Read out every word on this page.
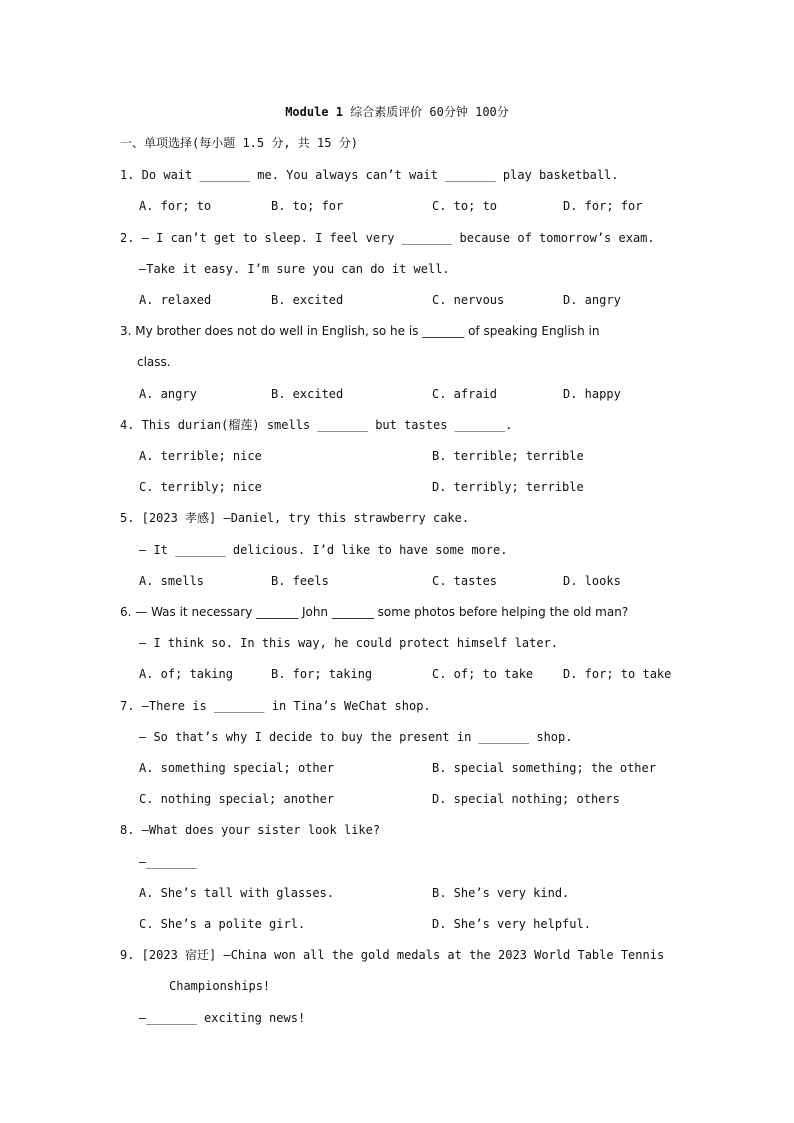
Module 1 综合素质评价 60分钟 100分
一、单项选择(每小题 1.5 分, 共 15 分)
1. Do wait _______ me. You always can’t wait _______ play basketball.
A. for; to	B. to; for	C. to; to	D. for; for
2. — I can’t get to sleep. I feel very _______ because of tomorrow’s exam.
—Take it easy. I’m sure you can do it well.
A. relaxed	B. excited	C. nervous	D. angry
3. My brother does not do well in English, so he is _______ of speaking English in
class.
A. angry	B. excited	C. afraid	D. happy
4. This durian(榴莲) smells _______ but tastes _______.
A. terrible; nice	B. terrible; terrible
C. terribly; nice	D. terribly; terrible
5. [2023 孝感] —Daniel, try this strawberry cake.
— It _______ delicious. I’d like to have some more.
A. smells	B. feels	C. tastes	D. looks
6. — Was it necessary _______ John _______ some photos before helping the old man?
— I think so. In this way, he could protect himself later.
A. of; taking	B. for; taking	C. of; to take D. for; to take
7. —There is _______ in Tina’s WeChat shop.
— So that’s why I decide to buy the present in _______ shop.
A. something special; other	B. special something; the other
C. nothing special; another	D. special nothing; others
8. —What does your sister look like?
—_______
A. She’s tall with glasses.	B. She’s very kind.
C. She’s a polite girl.	D. She’s very helpful.
9. [2023 宿迁] —China won all the gold medals at the 2023 World Table Tennis
Championships!
—_______ exciting news!
